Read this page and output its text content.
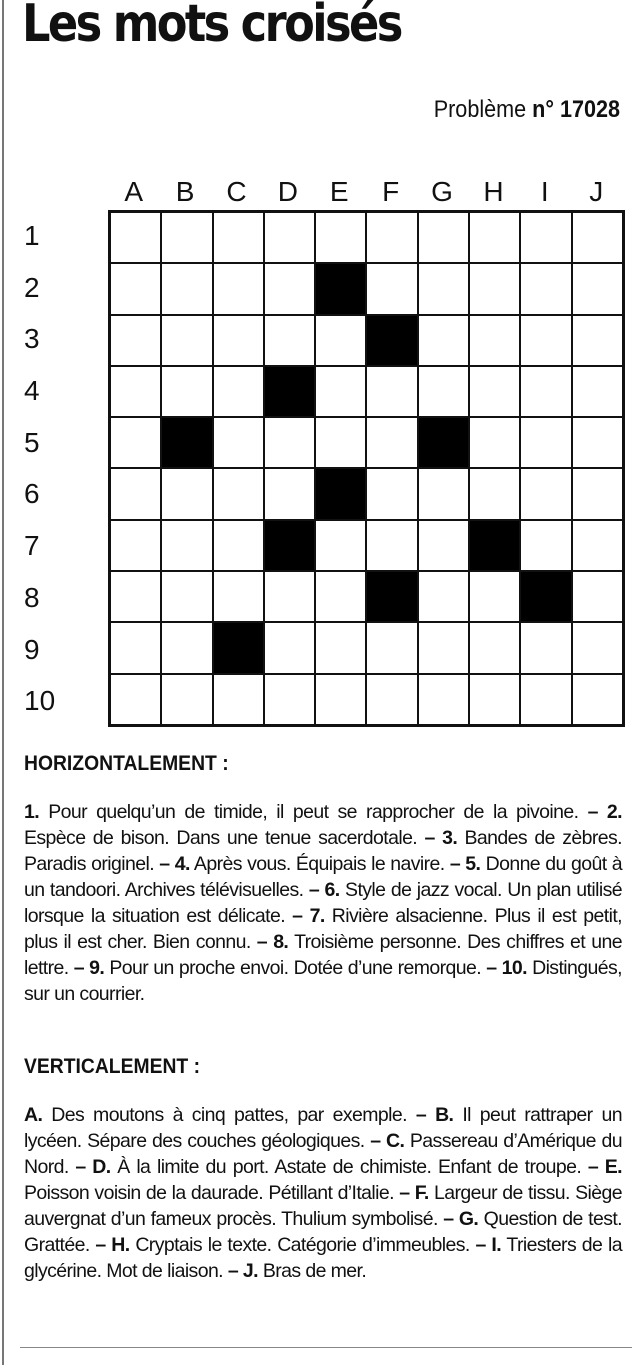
Les mots croisés
Problème n° 17028
A	B	C	D	E	F	G	H	I	J
1
2
3
4
5
6
7
8
9
10
HORIZONTALEMENT :

1. Pour quelqu’un de timide, il peut se rapprocher de la pivoine. – 2. Espèce de bison. Dans une tenue sacerdotale. – 3. Bandes de zèbres. Paradis originel. – 4. Après vous. Équipais le navire. – 5. Donne du goût à un tandoori. Archives télévisuelles. – 6. Style de jazz vocal. Un plan utilisé lorsque la situation est délicate. – 7. Rivière alsacienne. Plus il est petit, plus il est cher. Bien connu. – 8. Troisième personne. Des chiffres et une lettre. – 9. Pour un proche envoi. Dotée d’une remorque. – 10. Distingués, sur un courrier.

VERTICALEMENT :

A. Des moutons à cinq pattes, par exemple. – B. Il peut rattraper un lycéen. Sépare des couches géologiques. – C. Passereau d’Amérique du Nord. – D. À la limite du port. Astate de chimiste. Enfant de troupe. – E. Poisson voisin de la daurade. Pétillant d’Italie. – F. Largeur de tissu. Siège auvergnat d’un fameux procès. Thulium symbolisé. – G. Question de test. Grattée. – H. Cryptais le texte. Catégorie d’immeubles. – I. Triesters de la glycérine. Mot de liaison. – J. Bras de mer.
